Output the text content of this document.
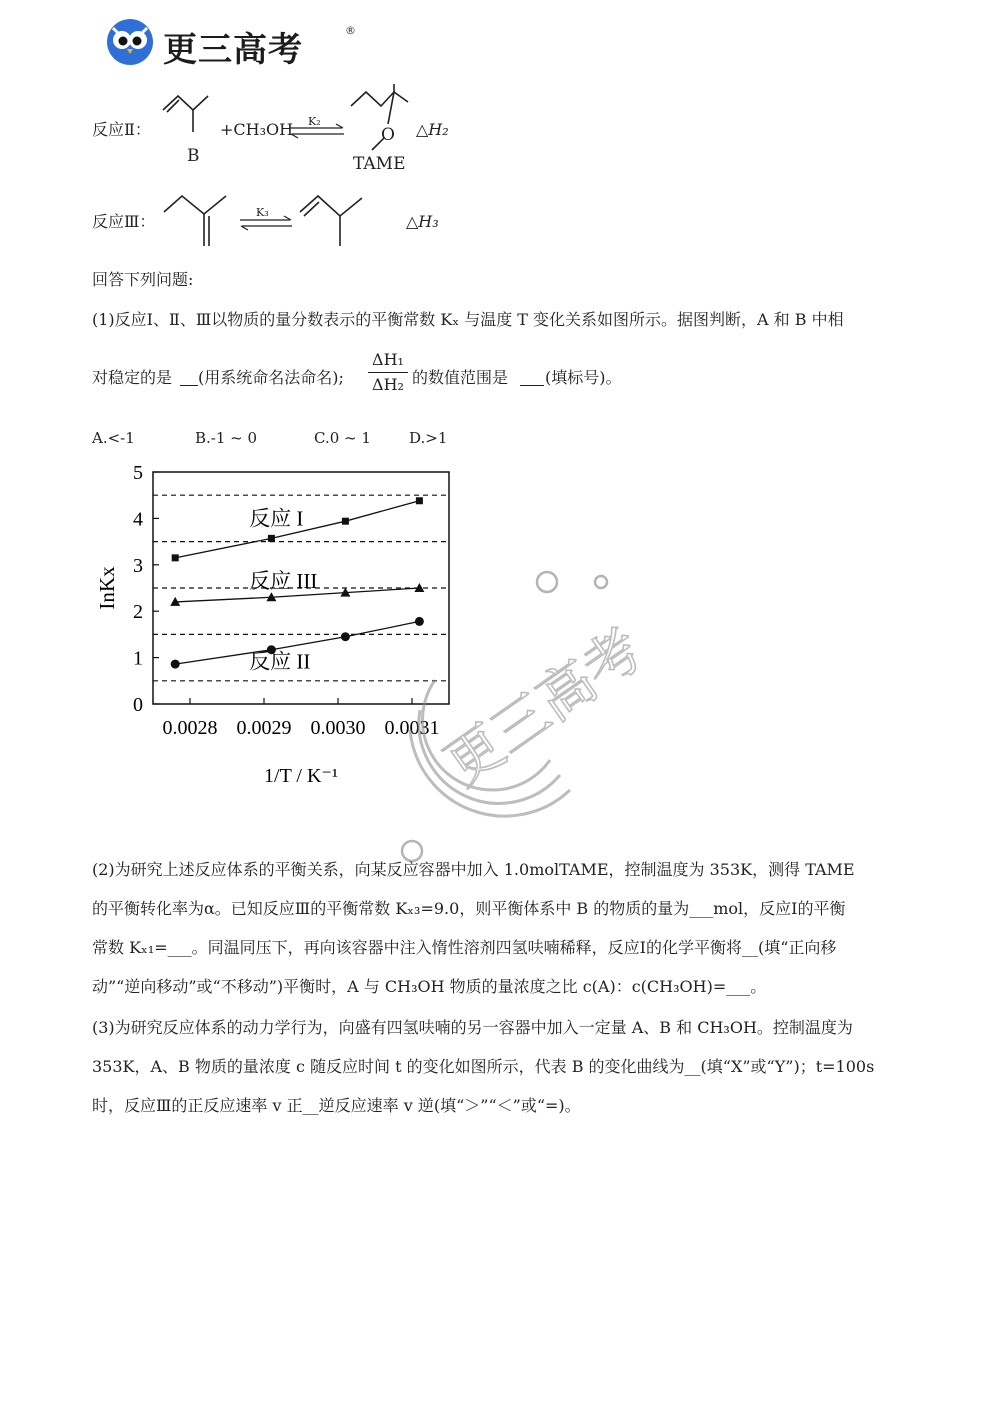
更三高考	®
反应Ⅱ：
B
+CH₃OH K₂
O
TAME
△H₂
反应Ⅲ：	K₃	△H₃
回答下列问题:
(1)反应Ⅰ、Ⅱ、Ⅲ以物质的量分数表示的平衡常数 Kₓ 与温度 T 变化关系如图所示。据图判断，A 和 B 中相
对稳定的是 (用系统命名法命名);
ΔH₁
ΔH₂ 的数值范围是 (填标号)。
A.<-1	B.-1 ~ 0	C.0 ~ 1	D.>1
0
1
2
3
4
5
0.0028 0.0029 0.0030 0.0031
反应 I
反应 III
反应 II
InKx
1/T / K⁻¹ 更三高考
(2)为研究上述反应体系的平衡关系，向某反应容器中加入 1.0molTAME，控制温度为 353K，测得 TAME
的平衡转化率为α。已知反应Ⅲ的平衡常数 Kₓ₃=9.0，则平衡体系中 B 的物质的量为___mol，反应Ⅰ的平衡
常数 Kₓ₁=___。同温同压下，再向该容器中注入惰性溶剂四氢呋喃稀释，反应Ⅰ的化学平衡将__(填“正向移
动”“逆向移动”或“不移动”)平衡时，A 与 CH₃OH 物质的量浓度之比 c(A)：c(CH₃OH)=___。
(3)为研究反应体系的动力学行为，向盛有四氢呋喃的另一容器中加入一定量 A、B 和 CH₃OH。控制温度为
353K，A、B 物质的量浓度 c 随反应时间 t 的变化如图所示，代表 B 的变化曲线为__(填“X”或“Y”)；t=100s
时，反应Ⅲ的正反应速率 v 正__逆反应速率 v 逆(填“＞”“＜”或“=)。
